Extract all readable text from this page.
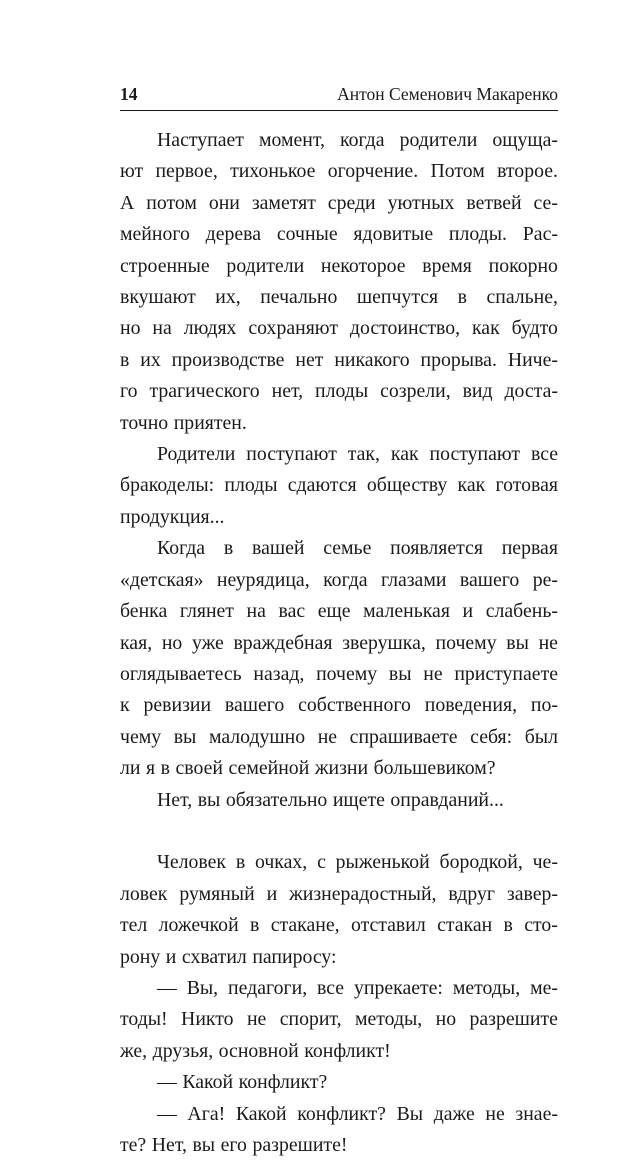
14	Антон Семенович Макаренко
Наступает момент, когда родители ощуща-
ют первое, тихонькое огорчение. Потом второе.
А потом они заметят среди уютных ветвей се-
мейного дерева сочные ядовитые плоды. Рас-
строенные родители некоторое время покорно
вкушают их, печально шепчутся в спальне,
но на людях сохраняют достоинство, как будто
в их производстве нет никакого прорыва. Ниче-
го трагического нет, плоды созрели, вид доста-
точно приятен.
Родители поступают так, как поступают все
бракоделы: плоды сдаются обществу как готовая
продукция...
Когда в вашей семье появляется первая
«детская» неурядица, когда глазами вашего ре-
бенка глянет на вас еще маленькая и слабень-
кая, но уже враждебная зверушка, почему вы не
оглядываетесь назад, почему вы не приступаете
к ревизии вашего собственного поведения, по-
чему вы малодушно не спрашиваете себя: был
ли я в своей семейной жизни большевиком?
Нет, вы обязательно ищете оправданий...
Человек в очках, с рыженькой бородкой, че-
ловек румяный и жизнерадостный, вдруг завер-
тел ложечкой в стакане, отставил стакан в сто-
рону и схватил папиросу:
— Вы, педагоги, все упрекаете: методы, ме-
тоды! Никто не спорит, методы, но разрешите
же, друзья, основной конфликт!
— Какой конфликт?
— Ага! Какой конфликт? Вы даже не знае-
те? Нет, вы его разрешите!
